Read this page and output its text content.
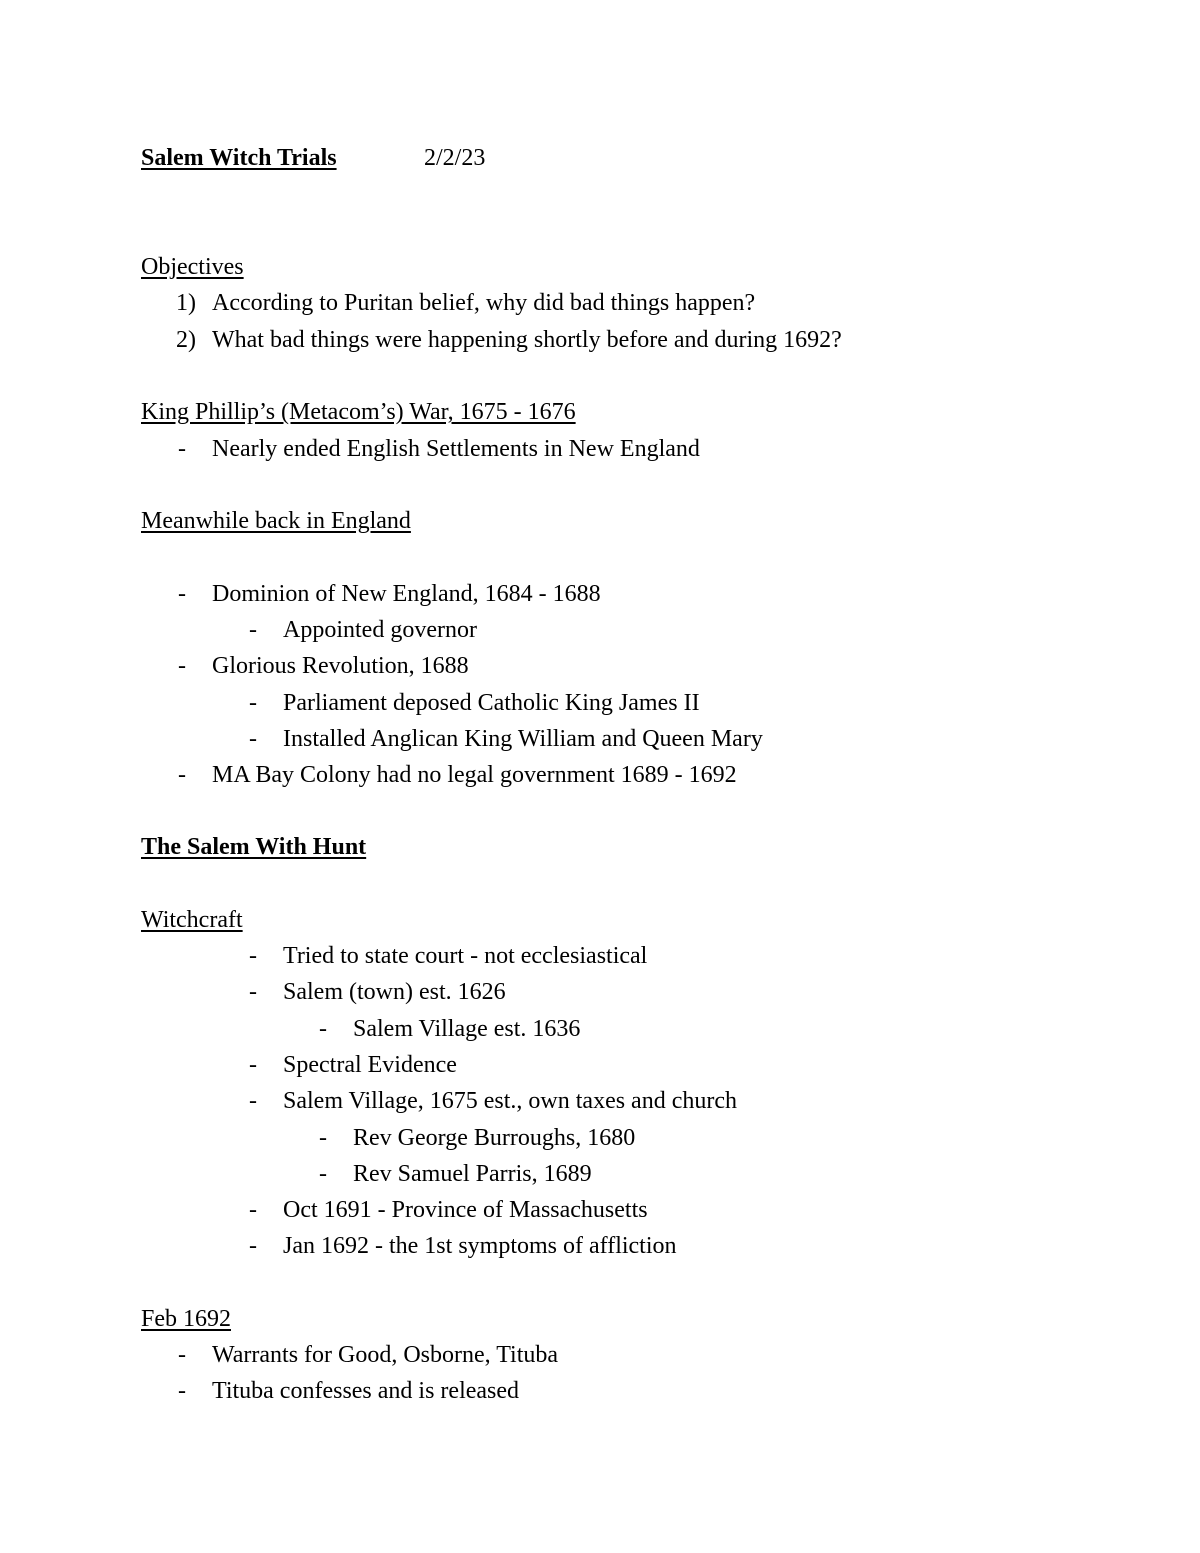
Salem Witch Trials	2/2/23
Objectives
1) According to Puritan belief, why did bad things happen?
2) What bad things were happening shortly before and during 1692?
King Phillip’s (Metacom’s) War, 1675 - 1676
- Nearly ended English Settlements in New England
Meanwhile back in England
- Dominion of New England, 1684 - 1688
- Appointed governor
- Glorious Revolution, 1688
- Parliament deposed Catholic King James II
- Installed Anglican King William and Queen Mary
- MA Bay Colony had no legal government 1689 - 1692
The Salem With Hunt
Witchcraft
- Tried to state court - not ecclesiastical
- Salem (town) est. 1626
- Salem Village est. 1636
- Spectral Evidence
- Salem Village, 1675 est., own taxes and church
- Rev George Burroughs, 1680
- Rev Samuel Parris, 1689
- Oct 1691 - Province of Massachusetts
- Jan 1692 - the 1st symptoms of affliction
Feb 1692
- Warrants for Good, Osborne, Tituba
- Tituba confesses and is released
